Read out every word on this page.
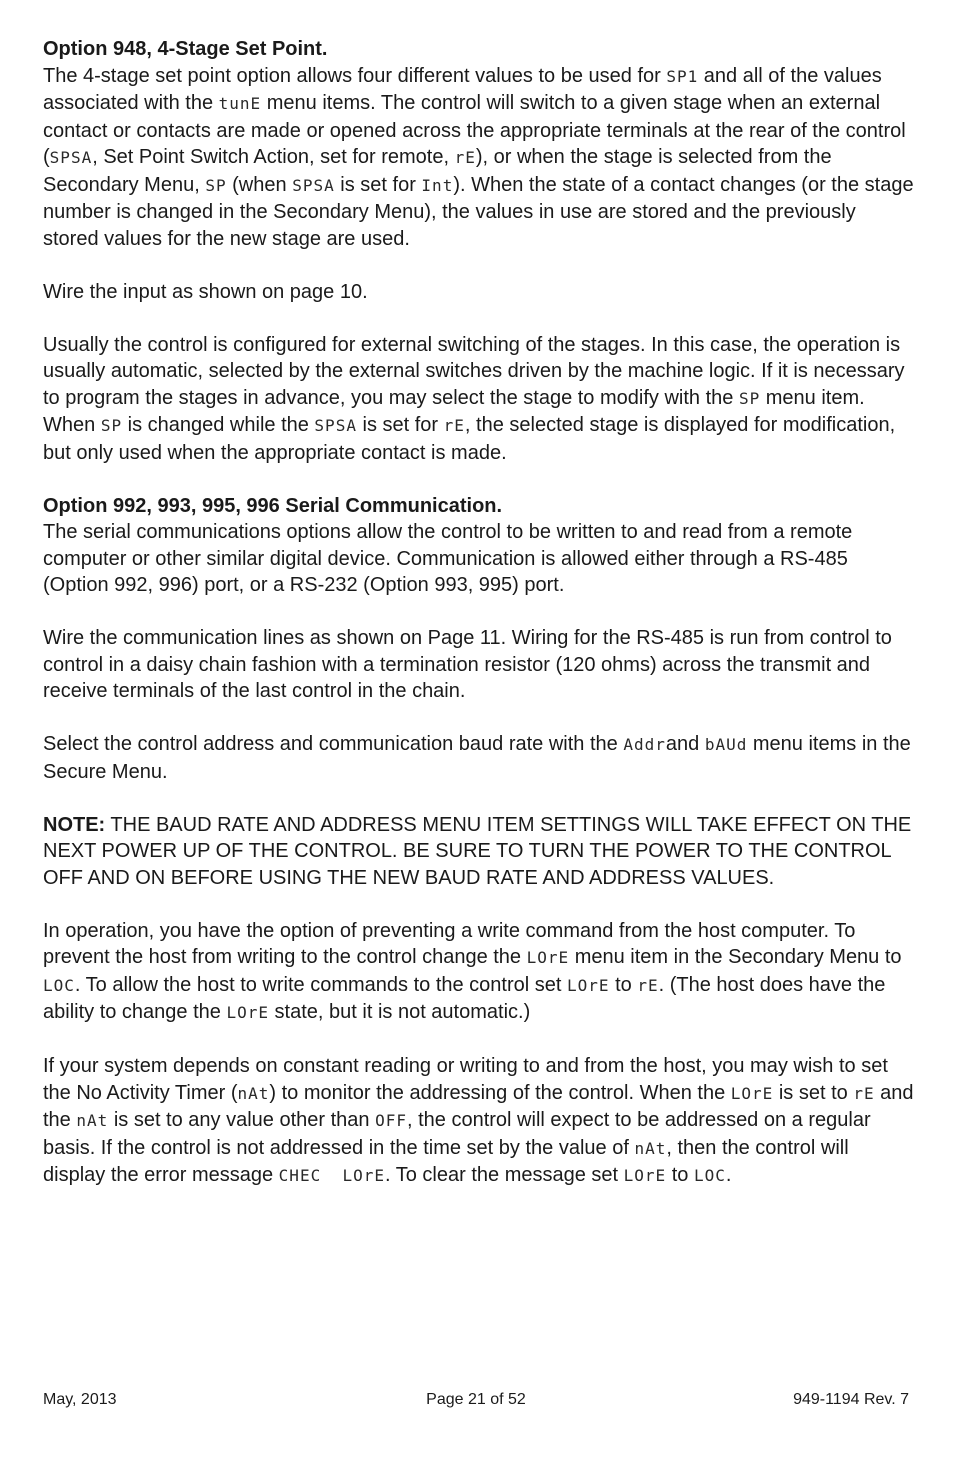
Option 948, 4-Stage Set Point.
The 4-stage set point option allows four different values to be used for SP1 and all of the values associated with the tunE menu items. The control will switch to a given stage when an external contact or contacts are made or opened across the appropriate terminals at the rear of the control (SPSA, Set Point Switch Action, set for remote, rE), or when the stage is selected from the Secondary Menu, SP (when SPSA is set for Int). When the state of a contact changes (or the stage number is changed in the Secondary Menu), the values in use are stored and the previously stored values for the new stage are used.

Wire the input as shown on page 10.

Usually the control is configured for external switching of the stages. In this case, the operation is usually automatic, selected by the external switches driven by the machine logic. If it is necessary to program the stages in advance, you may select the stage to modify with the SP menu item. When SP is changed while the SPSA is set for rE, the selected stage is displayed for modification, but only used when the appropriate contact is made.

Option 992, 993, 995, 996 Serial Communication.
The serial communications options allow the control to be written to and read from a remote computer or other similar digital device. Communication is allowed either through a RS-485 (Option 992, 996) port, or a RS-232 (Option 993, 995) port.

Wire the communication lines as shown on Page 11. Wiring for the RS-485 is run from control to control in a daisy chain fashion with a termination resistor (120 ohms) across the transmit and receive terminals of the last control in the chain.

Select the control address and communication baud rate with the Addrand bAUd menu items in the Secure Menu.

NOTE: THE BAUD RATE AND ADDRESS MENU ITEM SETTINGS WILL TAKE EFFECT ON THE NEXT POWER UP OF THE CONTROL. BE SURE TO TURN THE POWER TO THE CONTROL OFF AND ON BEFORE USING THE NEW BAUD RATE AND ADDRESS VALUES.

In operation, you have the option of preventing a write command from the host computer. To prevent the host from writing to the control change the LOrE menu item in the Secondary Menu to LOC. To allow the host to write commands to the control set LOrE to rE. (The host does have the ability to change the LOrE state, but it is not automatic.)

If your system depends on constant reading or writing to and from the host, you may wish to set the No Activity Timer (nAt) to monitor the addressing of the control. When the LOrE is set to rE and the nAt is set to any value other than OFF, the control will expect to be addressed on a regular basis. If the control is not addressed in the time set by the value of nAt, then the control will display the error message CHEC  LOrE. To clear the message set LOrE to LOC.

May, 2013	Page 21 of 52	949-1194 Rev. 7
